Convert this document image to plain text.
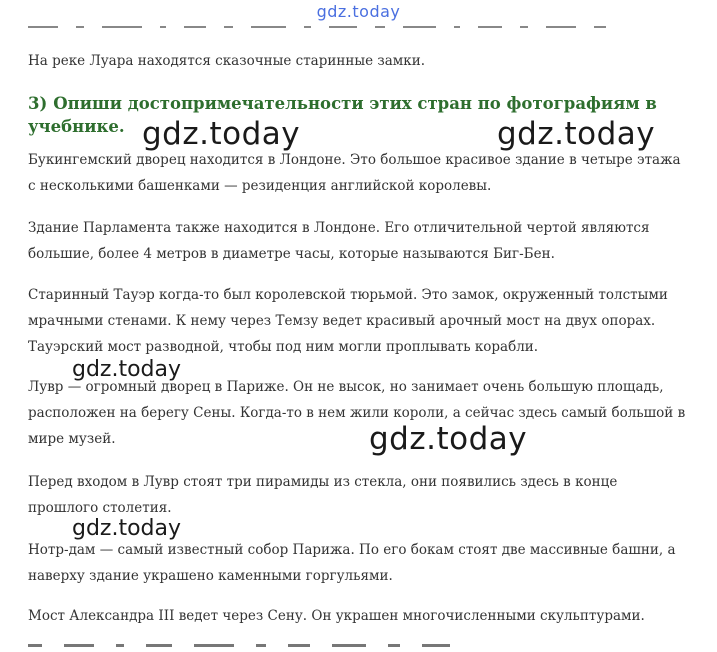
gdz.today

На реке Луара находятся сказочные старинные замки.

3) Опиши достопримечательности этих стран по фотографиям в учебнике.

Букингемский дворец находится в Лондоне. Это большое красивое здание в четыре этажа с несколькими башенками — резиденция английской королевы.

Здание Парламента также находится в Лондоне. Его отличительной чертой являются большие, более 4 метров в диаметре часы, которые называются Биг-Бен.

Старинный Тауэр когда-то был королевской тюрьмой. Это замок, окруженный толстыми мрачными стенами. К нему через Темзу ведет красивый арочный мост на двух опорах. Тауэрский мост разводной, чтобы под ним могли проплывать корабли.

Лувр — огромный дворец в Париже. Он не высок, но занимает очень большую площадь, расположен на берегу Сены. Когда-то в нем жили короли, а сейчас здесь самый большой в мире музей.

Перед входом в Лувр стоят три пирамиды из стекла, они появились здесь в конце прошлого столетия.

Нотр-дам — самый известный собор Парижа. По его бокам стоят две массивные башни, а наверху здание украшено каменными горгульями.

Мост Александра III ведет через Сену. Он украшен многочисленными скульптурами.

gdz.today	gdz.today
gdz.today
gdz.today
gdz.today
